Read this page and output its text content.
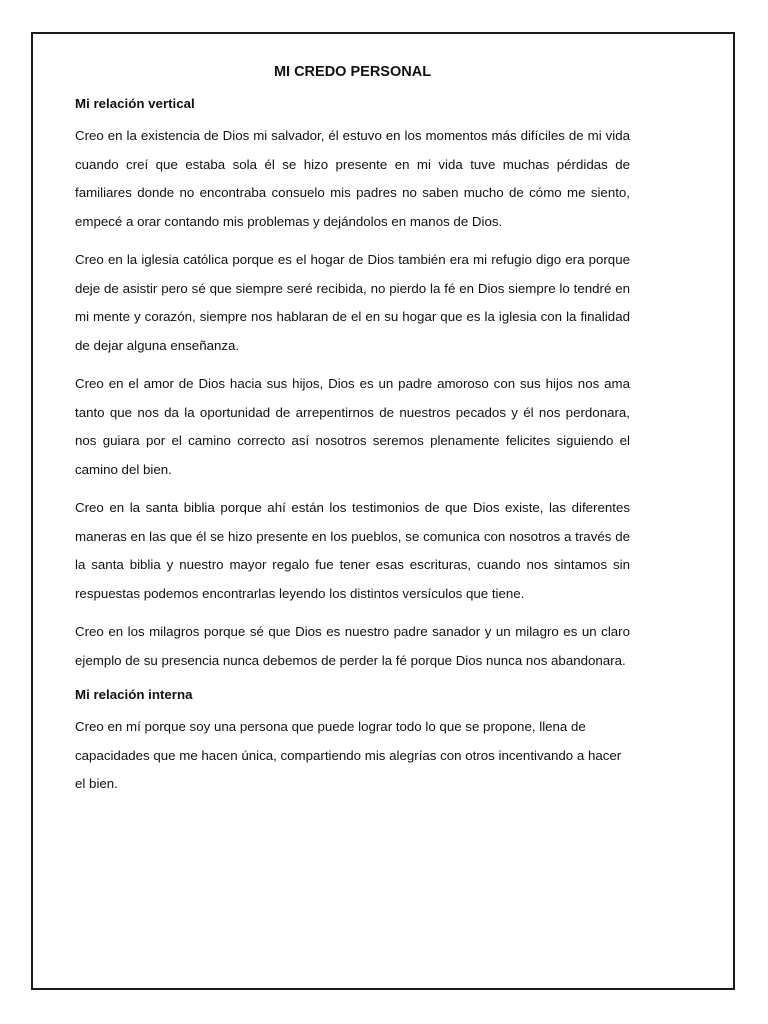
MI CREDO PERSONAL
Mi relación vertical

Creo en la existencia de Dios mi salvador, él estuvo en los momentos más difíciles de mi vida cuando creí que estaba sola él se hizo presente en mi vida tuve muchas pérdidas de familiares donde no encontraba consuelo mis padres no saben mucho de cómo me siento, empecé a orar contando mis problemas y dejándolos en manos de Dios.

Creo en la iglesia católica porque es el hogar de Dios también era mi refugio digo era porque deje de asistir pero sé que siempre seré recibida, no pierdo la fé en Dios siempre lo tendré en mi mente y corazón, siempre nos hablaran de el en su hogar que es la iglesia con la finalidad de dejar alguna enseñanza.

Creo en el amor de Dios hacia sus hijos, Dios es un padre amoroso con sus hijos nos ama tanto que nos da la oportunidad de arrepentirnos de nuestros pecados y él nos perdonara, nos guiara por el camino correcto así nosotros seremos plenamente felicites siguiendo el camino del bien.

Creo en la santa biblia porque ahí están los testimonios de que Dios existe, las diferentes maneras en las que él se hizo presente en los pueblos, se comunica con nosotros a través de la santa biblia y nuestro mayor regalo fue tener esas escrituras, cuando nos sintamos sin respuestas podemos encontrarlas leyendo los distintos versículos que tiene.

Creo en los milagros porque sé que Dios es nuestro padre sanador y un milagro es un claro ejemplo de su presencia nunca debemos de perder la fé porque Dios nunca nos abandonara.

Mi relación interna

Creo en mí porque soy una persona que puede lograr todo lo que se propone, llena de capacidades que me hacen única, compartiendo mis alegrías con otros incentivando a hacer el bien.
